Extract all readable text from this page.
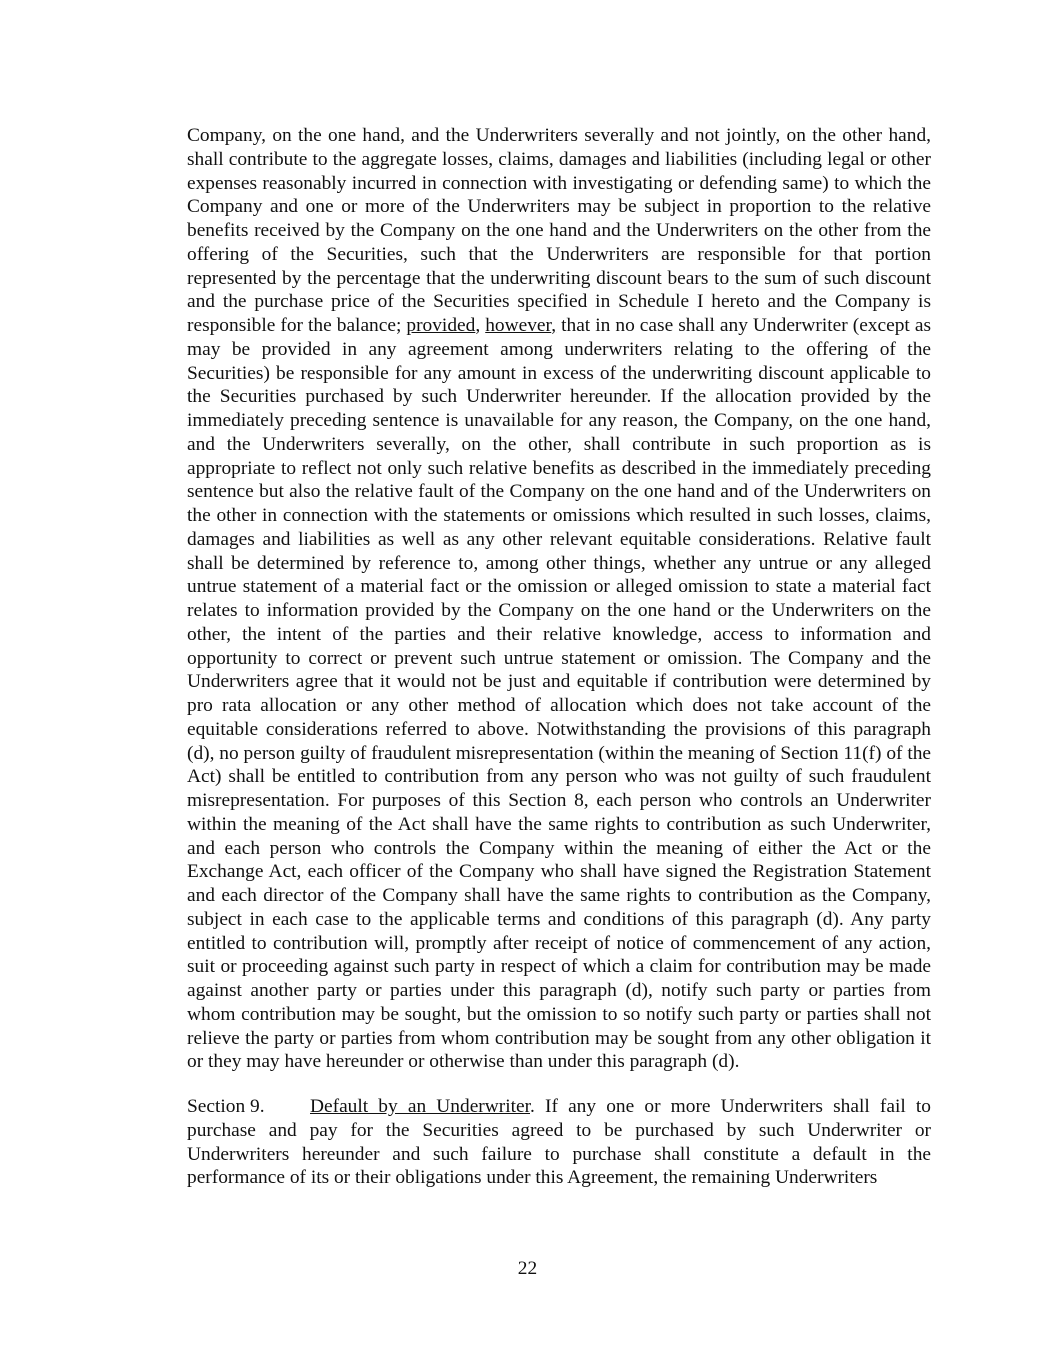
Company, on the one hand, and the Underwriters severally and not jointly, on the other hand, shall contribute to the aggregate losses, claims, damages and liabilities (including legal or other expenses reasonably incurred in connection with investigating or defending same) to which the Company and one or more of the Underwriters may be subject in proportion to the relative benefits received by the Company on the one hand and the Underwriters on the other from the offering of the Securities, such that the Underwriters are responsible for that portion represented by the percentage that the underwriting discount bears to the sum of such discount and the purchase price of the Securities specified in Schedule I hereto and the Company is responsible for the balance; provided, however, that in no case shall any Underwriter (except as may be provided in any agreement among underwriters relating to the offering of the Securities) be responsible for any amount in excess of the underwriting discount applicable to the Securities purchased by such Underwriter hereunder. If the allocation provided by the immediately preceding sentence is unavailable for any reason, the Company, on the one hand, and the Underwriters severally, on the other, shall contribute in such proportion as is appropriate to reflect not only such relative benefits as described in the immediately preceding sentence but also the relative fault of the Company on the one hand and of the Underwriters on the other in connection with the statements or omissions which resulted in such losses, claims, damages and liabilities as well as any other relevant equitable considerations. Relative fault shall be determined by reference to, among other things, whether any untrue or any alleged untrue statement of a material fact or the omission or alleged omission to state a material fact relates to information provided by the Company on the one hand or the Underwriters on the other, the intent of the parties and their relative knowledge, access to information and opportunity to correct or prevent such untrue statement or omission. The Company and the Underwriters agree that it would not be just and equitable if contribution were determined by pro rata allocation or any other method of allocation which does not take account of the equitable considerations referred to above. Notwithstanding the provisions of this paragraph (d), no person guilty of fraudulent misrepresentation (within the meaning of Section 11(f) of the Act) shall be entitled to contribution from any person who was not guilty of such fraudulent misrepresentation. For purposes of this Section 8, each person who controls an Underwriter within the meaning of the Act shall have the same rights to contribution as such Underwriter, and each person who controls the Company within the meaning of either the Act or the Exchange Act, each officer of the Company who shall have signed the Registration Statement and each director of the Company shall have the same rights to contribution as the Company, subject in each case to the applicable terms and conditions of this paragraph (d). Any party entitled to contribution will, promptly after receipt of notice of commencement of any action, suit or proceeding against such party in respect of which a claim for contribution may be made against another party or parties under this paragraph (d), notify such party or parties from whom contribution may be sought, but the omission to so notify such party or parties shall not relieve the party or parties from whom contribution may be sought from any other obligation it or they may have hereunder or otherwise than under this paragraph (d).

Section 9. Default by an Underwriter. If any one or more Underwriters shall fail to purchase and pay for the Securities agreed to be purchased by such Underwriter or Underwriters hereunder and such failure to purchase shall constitute a default in the performance of its or their obligations under this Agreement, the remaining Underwriters

22
